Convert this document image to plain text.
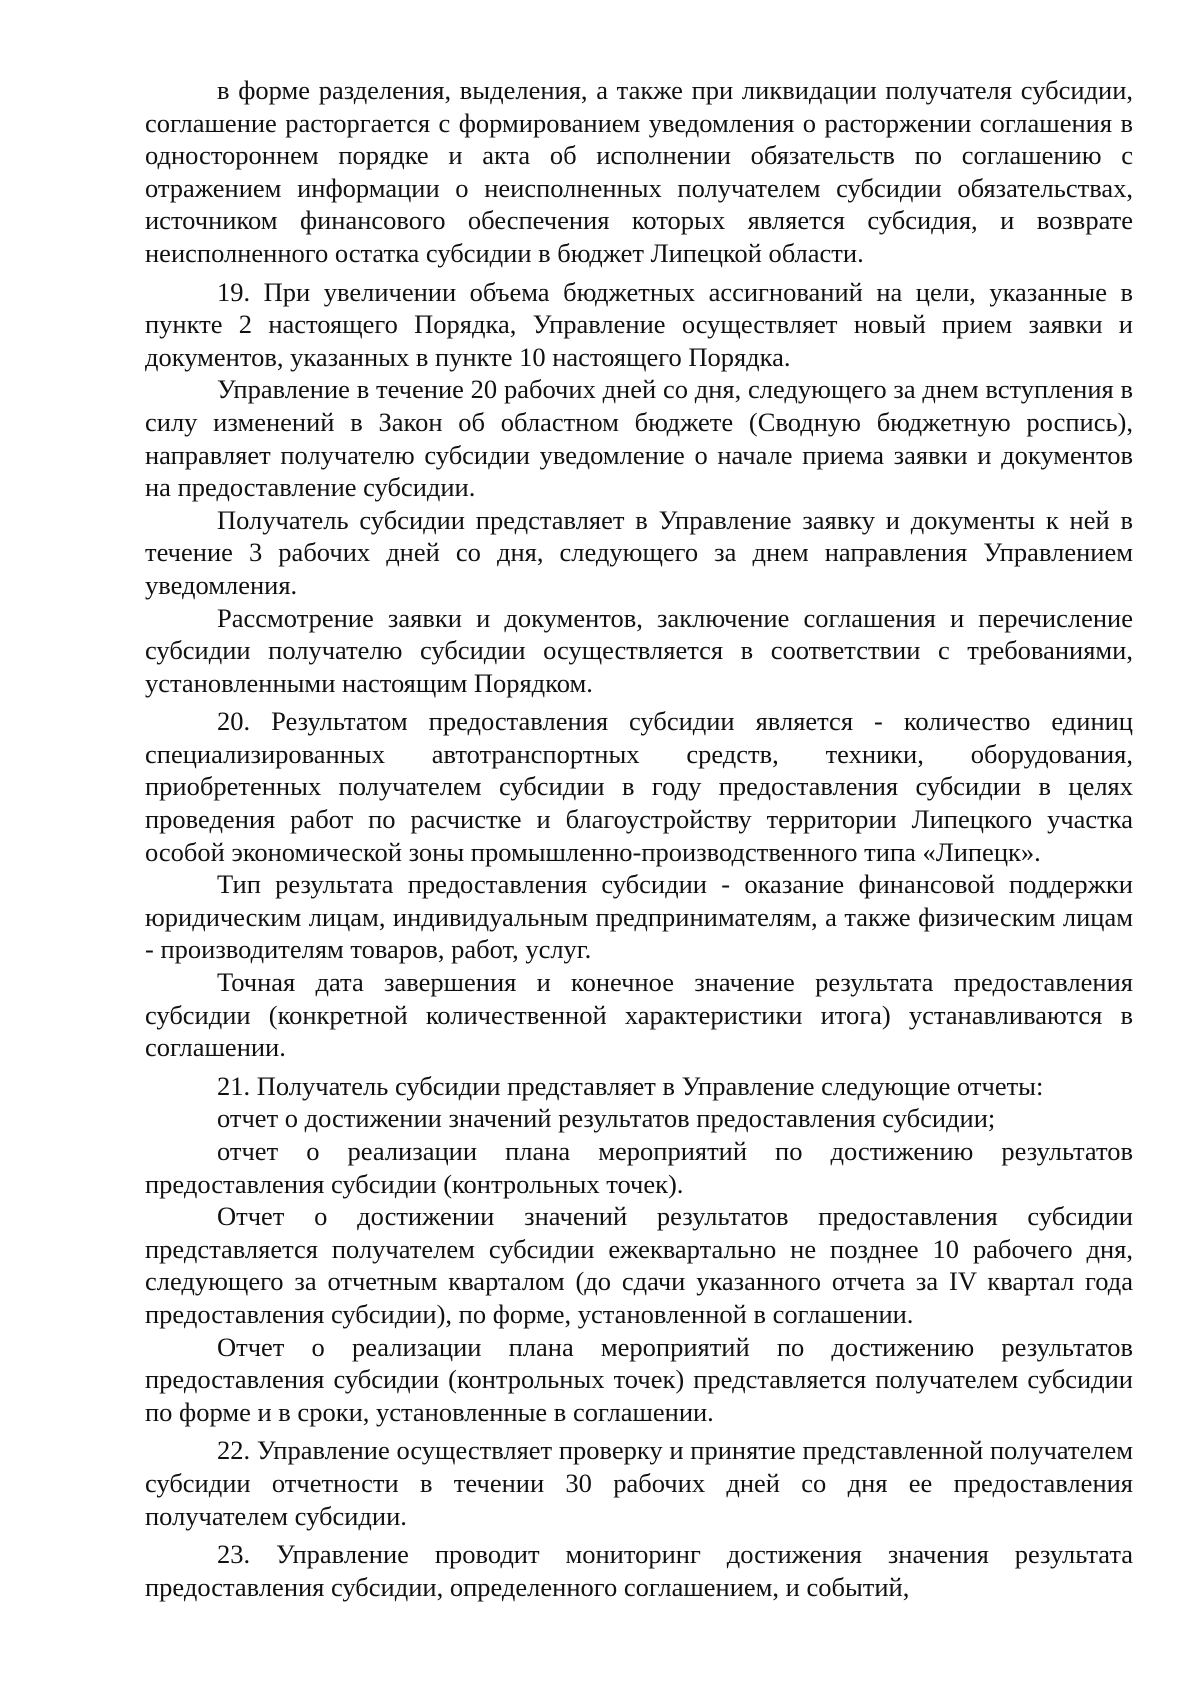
в форме разделения, выделения, а также при ликвидации получателя субсидии, соглашение расторгается с формированием уведомления о расторжении соглашения в одностороннем порядке и акта об исполнении обязательств по соглашению с отражением информации о неисполненных получателем субсидии обязательствах, источником финансового обеспечения которых является субсидия, и возврате неисполненного остатка субсидии в бюджет Липецкой области.

19. При увеличении объема бюджетных ассигнований на цели, указанные в пункте 2 настоящего Порядка, Управление осуществляет новый прием заявки и документов, указанных в пункте 10 настоящего Порядка.

Управление в течение 20 рабочих дней со дня, следующего за днем вступления в силу изменений в Закон об областном бюджете (Сводную бюджетную роспись), направляет получателю субсидии уведомление о начале приема заявки и документов на предоставление субсидии.

Получатель субсидии представляет в Управление заявку и документы к ней в течение 3 рабочих дней со дня, следующего за днем направления Управлением уведомления.

Рассмотрение заявки и документов, заключение соглашения и перечисление субсидии получателю субсидии осуществляется в соответствии с требованиями, установленными настоящим Порядком.

20. Результатом предоставления субсидии является - количество единиц специализированных автотранспортных средств, техники, оборудования, приобретенных получателем субсидии в году предоставления субсидии в целях проведения работ по расчистке и благоустройству территории Липецкого участка особой экономической зоны промышленно-производственного типа «Липецк».

Тип результата предоставления субсидии - оказание финансовой поддержки юридическим лицам, индивидуальным предпринимателям, а также физическим лицам - производителям товаров, работ, услуг.

Точная дата завершения и конечное значение результата предоставления субсидии (конкретной количественной характеристики итога) устанавливаются в соглашении.

21. Получатель субсидии представляет в Управление следующие отчеты:

отчет о достижении значений результатов предоставления субсидии;

отчет о реализации плана мероприятий по достижению результатов предоставления субсидии (контрольных точек).

Отчет о достижении значений результатов предоставления субсидии представляется получателем субсидии ежеквартально не позднее 10 рабочего дня, следующего за отчетным кварталом (до сдачи указанного отчета за IV квартал года предоставления субсидии), по форме, установленной в соглашении.

Отчет о реализации плана мероприятий по достижению результатов предоставления субсидии (контрольных точек) представляется получателем субсидии по форме и в сроки, установленные в соглашении.

22. Управление осуществляет проверку и принятие представленной получателем субсидии отчетности в течении 30 рабочих дней со дня ее предоставления получателем субсидии.

23. Управление проводит мониторинг достижения значения результата предоставления субсидии, определенного соглашением, и событий,
